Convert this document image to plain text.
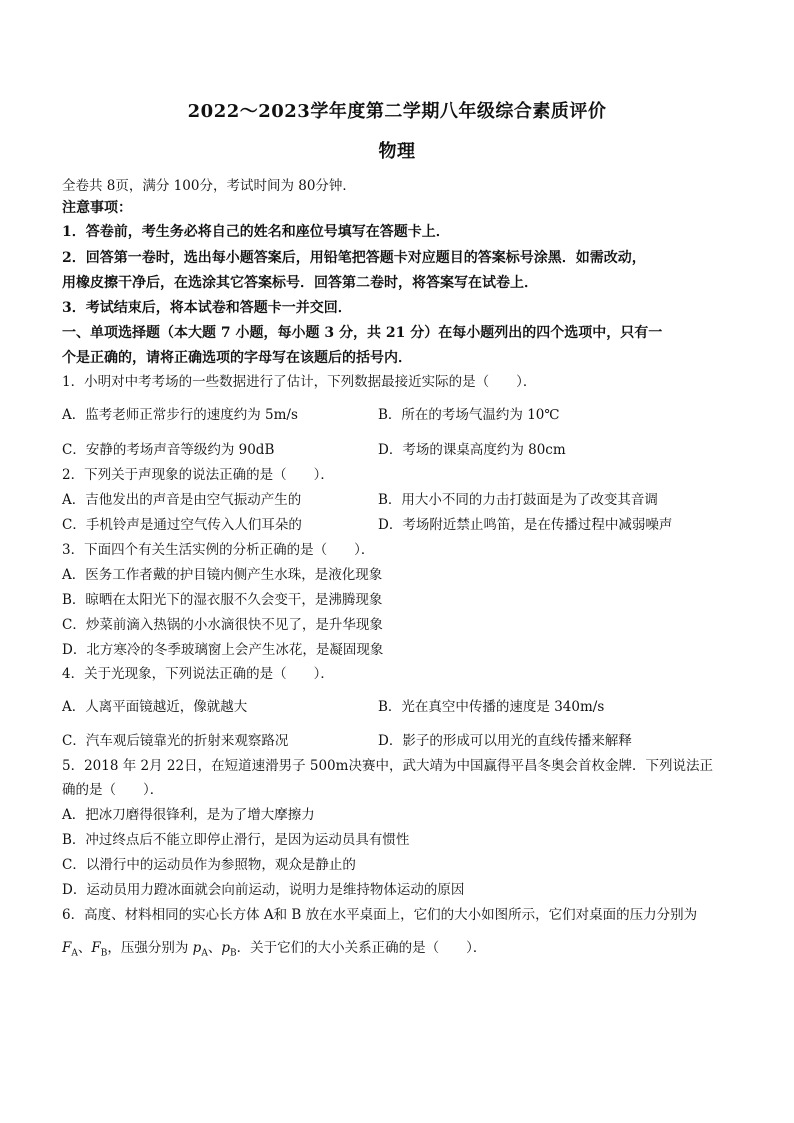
2022～2023学年度第二学期八年级综合素质评价
物理
全卷共 8页，满分 100分，考试时间为 80分钟．
注意事项：
1．答卷前，考生务必将自己的姓名和座位号填写在答题卡上．
2．回答第一卷时，选出每小题答案后，用铅笔把答题卡对应题目的答案标号涂黑．如需改动，
用橡皮擦干净后，在选涂其它答案标号．回答第二卷时，将答案写在试卷上．
3．考试结束后，将本试卷和答题卡一并交回．
一、单项选择题（本大题 7 小题，每小题 3 分，共 21 分）在每小题列出的四个选项中，只有一
个是正确的，请将正确选项的字母写在该题后的括号内．
1．小明对中考考场的一些数据进行了估计，下列数据最接近实际的是（　　）．
A．监考老师正常步行的速度约为 5m/s	B．所在的考场气温约为 10℃
C．安静的考场声音等级约为 90dB	D．考场的课桌高度约为 80cm
2．下列关于声现象的说法正确的是（　　）．
A．吉他发出的声音是由空气振动产生的	B．用大小不同的力击打鼓面是为了改变其音调
C．手机铃声是通过空气传入人们耳朵的	D．考场附近禁止鸣笛，是在传播过程中减弱噪声
3．下面四个有关生活实例的分析正确的是（　　）．
A．医务工作者戴的护目镜内侧产生水珠，是液化现象
B．晾晒在太阳光下的湿衣服不久会变干，是沸腾现象
C．炒菜前滴入热锅的小水滴很快不见了，是升华现象
D．北方寒冷的冬季玻璃窗上会产生冰花，是凝固现象
4．关于光现象，下列说法正确的是（　　）．
A．人离平面镜越近，像就越大	B．光在真空中传播的速度是 340m/s
C．汽车观后镜靠光的折射来观察路况	D．影子的形成可以用光的直线传播来解释
5．2018 年 2月 22日，在短道速滑男子 500m决赛中，武大靖为中国赢得平昌冬奥会首枚金牌．下列说法正
确的是（　　）．
A．把冰刀磨得很锋利，是为了增大摩擦力
B．冲过终点后不能立即停止滑行，是因为运动员具有惯性
C．以滑行中的运动员作为参照物，观众是静止的
D．运动员用力蹬冰面就会向前运动，说明力是维持物体运动的原因
6．高度、材料相同的实心长方体 A和 B 放在水平桌面上，它们的大小如图所示，它们对桌面的压力分别为
$F_A$、$F_B$，压强分别为 $p_A$、$p_B$．关于它们的大小关系正确的是（　　）．
